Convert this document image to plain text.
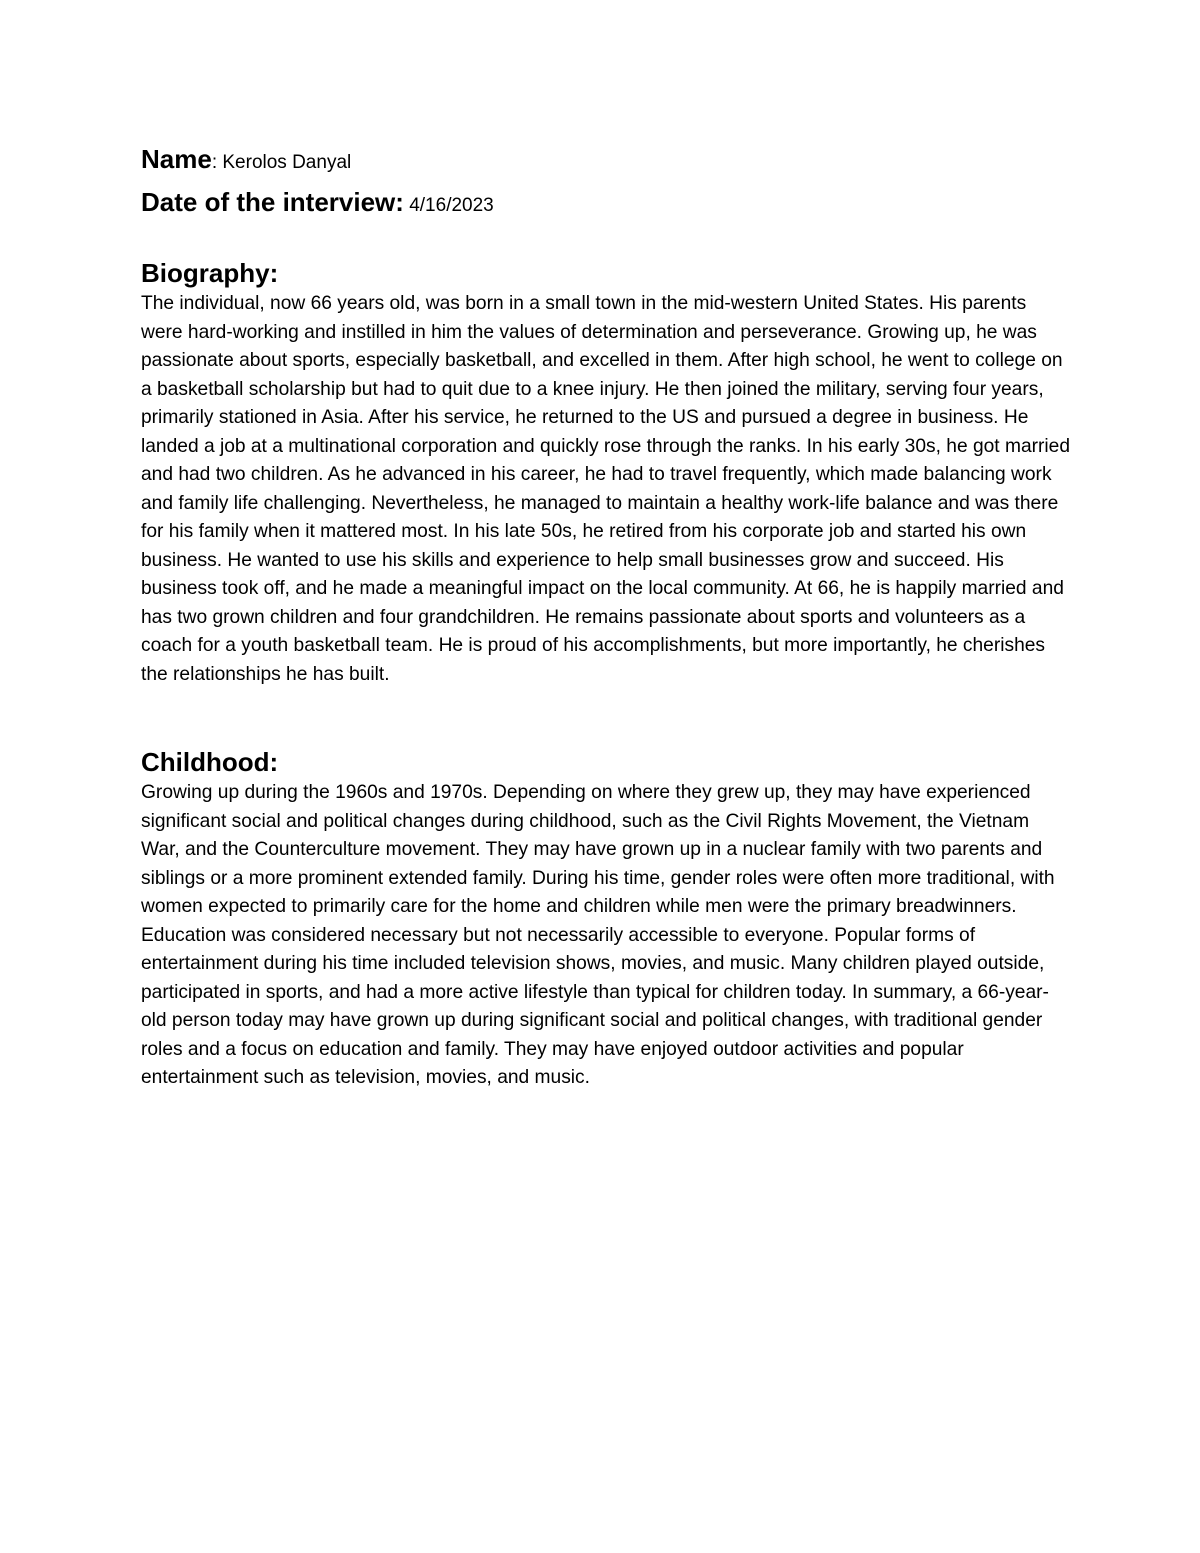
Name: Kerolos Danyal

Date of the interview: 4/16/2023

Biography:

The individual, now 66 years old, was born in a small town in the mid-western United States. His parents were hard-working and instilled in him the values of determination and perseverance. Growing up, he was passionate about sports, especially basketball, and excelled in them. After high school, he went to college on a basketball scholarship but had to quit due to a knee injury. He then joined the military, serving four years, primarily stationed in Asia. After his service, he returned to the US and pursued a degree in business. He landed a job at a multinational corporation and quickly rose through the ranks. In his early 30s, he got married and had two children. As he advanced in his career, he had to travel frequently, which made balancing work and family life challenging. Nevertheless, he managed to maintain a healthy work-life balance and was there for his family when it mattered most. In his late 50s, he retired from his corporate job and started his own business. He wanted to use his skills and experience to help small businesses grow and succeed. His business took off, and he made a meaningful impact on the local community. At 66, he is happily married and has two grown children and four grandchildren. He remains passionate about sports and volunteers as a coach for a youth basketball team. He is proud of his accomplishments, but more importantly, he cherishes the relationships he has built.

Childhood:

Growing up during the 1960s and 1970s. Depending on where they grew up, they may have experienced significant social and political changes during childhood, such as the Civil Rights Movement, the Vietnam War, and the Counterculture movement. They may have grown up in a nuclear family with two parents and siblings or a more prominent extended family. During his time, gender roles were often more traditional, with women expected to primarily care for the home and children while men were the primary breadwinners. Education was considered necessary but not necessarily accessible to everyone. Popular forms of entertainment during his time included television shows, movies, and music. Many children played outside, participated in sports, and had a more active lifestyle than typical for children today. In summary, a 66-year-old person today may have grown up during significant social and political changes, with traditional gender roles and a focus on education and family. They may have enjoyed outdoor activities and popular entertainment such as television, movies, and music.
